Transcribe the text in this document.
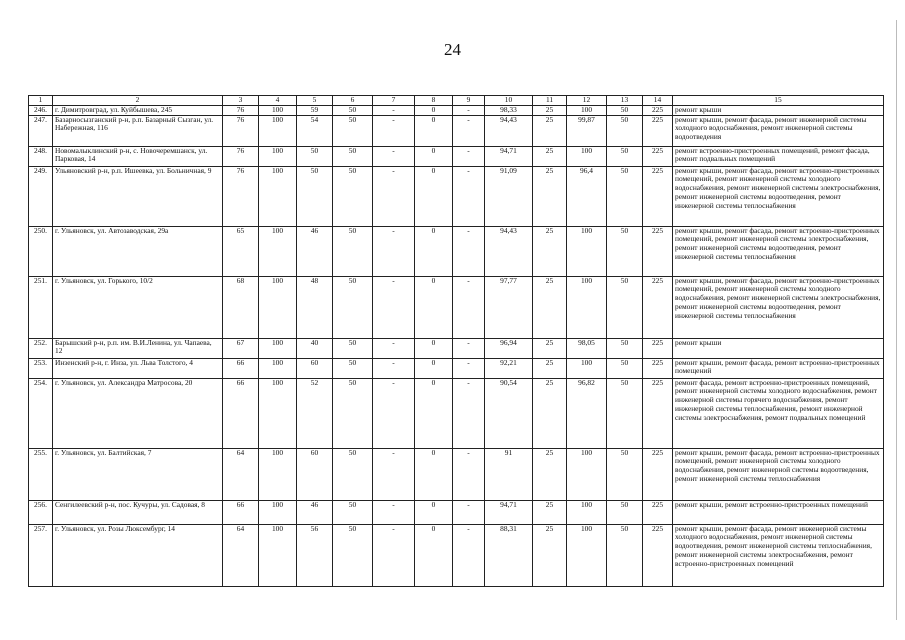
24
1	2	3	4	5	6	7	8	9	10	11	12	13	14	15
246.	г. Димитровград, ул. Куйбышева, 245	76	100	59	50	-	0	-	98,33	25	100	50	225	ремонт крыши
247.	Базарносызганский р-н, р.п. Базарный Сызган, ул. Набережная, 116	76	100	54	50	-	0	-	94,43	25	99,87	50	225	ремонт крыши, ремонт фасада, ремонт инженерной системы холодного водоснабжения, ремонт инженерной системы водоотведения
248.	Новомалыклинский р-н, с. Новочеремшанск, ул. Парковая, 14	76	100	50	50	-	0	-	94,71	25	100	50	225	ремонт встроенно-пристроенных помещений, ремонт фасада, ремонт подвальных помещений
249.	Ульяновский р-н, р.п. Ишеевка, ул. Больничная, 9	76	100	50	50	-	0	-	91,09	25	96,4	50	225	ремонт крыши, ремонт фасада, ремонт встроенно-пристроенных помещений, ремонт инженерной системы холодного водоснабжения, ремонт инженерной системы электроснабжения, ремонт инженерной системы водоотведения, ремонт инженерной системы теплоснабжения
250.	г. Ульяновск, ул. Автозаводская, 29а	65	100	46	50	-	0	-	94,43	25	100	50	225	ремонт крыши, ремонт фасада, ремонт встроенно-пристроенных помещений, ремонт инженерной системы электроснабжения, ремонт инженерной системы водоотведения, ремонт инженерной системы теплоснабжения
251.	г. Ульяновск, ул. Горького, 10/2	68	100	48	50	-	0	-	97,77	25	100	50	225	ремонт крыши, ремонт фасада, ремонт встроенно-пристроенных помещений, ремонт инженерной системы холодного водоснабжения, ремонт инженерной системы электроснабжения, ремонт инженерной системы водоотведения, ремонт инженерной системы теплоснабжения
252.	Барышский р-н, р.п. им. В.И.Ленина, ул. Чапаева, 12	67	100	40	50	-	0	-	96,94	25	98,05	50	225	ремонт крыши
253.	Инзенский р-н, г. Инза, ул. Льва Толстого, 4	66	100	60	50	-	0	-	92,21	25	100	50	225	ремонт крыши, ремонт фасада, ремонт встроенно-пристроенных помещений
254.	г. Ульяновск, ул. Александра Матросова, 20	66	100	52	50	-	0	-	90,54	25	96,82	50	225	ремонт фасада, ремонт встроенно-пристроенных помещений, ремонт инженерной системы холодного водоснабжения, ремонт инженерной системы горячего водоснабжения, ремонт инженерной системы теплоснабжения, ремонт инженерной системы электроснабжения, ремонт подвальных помещений
255.	г. Ульяновск, ул. Балтийская, 7	64	100	60	50	-	0	-	91	25	100	50	225	ремонт крыши, ремонт фасада, ремонт встроенно-пристроенных помещений, ремонт инженерной системы холодного водоснабжения, ремонт инженерной системы водоотведения, ремонт инженерной системы теплоснабжения
256.	Сенгилеевский р-н, пос. Кучуры, ул. Садовая, 8	66	100	46	50	-	0	-	94,71	25	100	50	225	ремонт крыши, ремонт встроенно-пристроенных помещений
257.	г. Ульяновск, ул. Розы Люксембург, 14	64	100	56	50	-	0	-	88,31	25	100	50	225	ремонт крыши, ремонт фасада, ремонт инженерной системы холодного водоснабжения, ремонт инженерной системы водоотведения, ремонт инженерной системы теплоснабжения, ремонт инженерной системы электроснабжения, ремонт встроенно-пристроенных помещений
